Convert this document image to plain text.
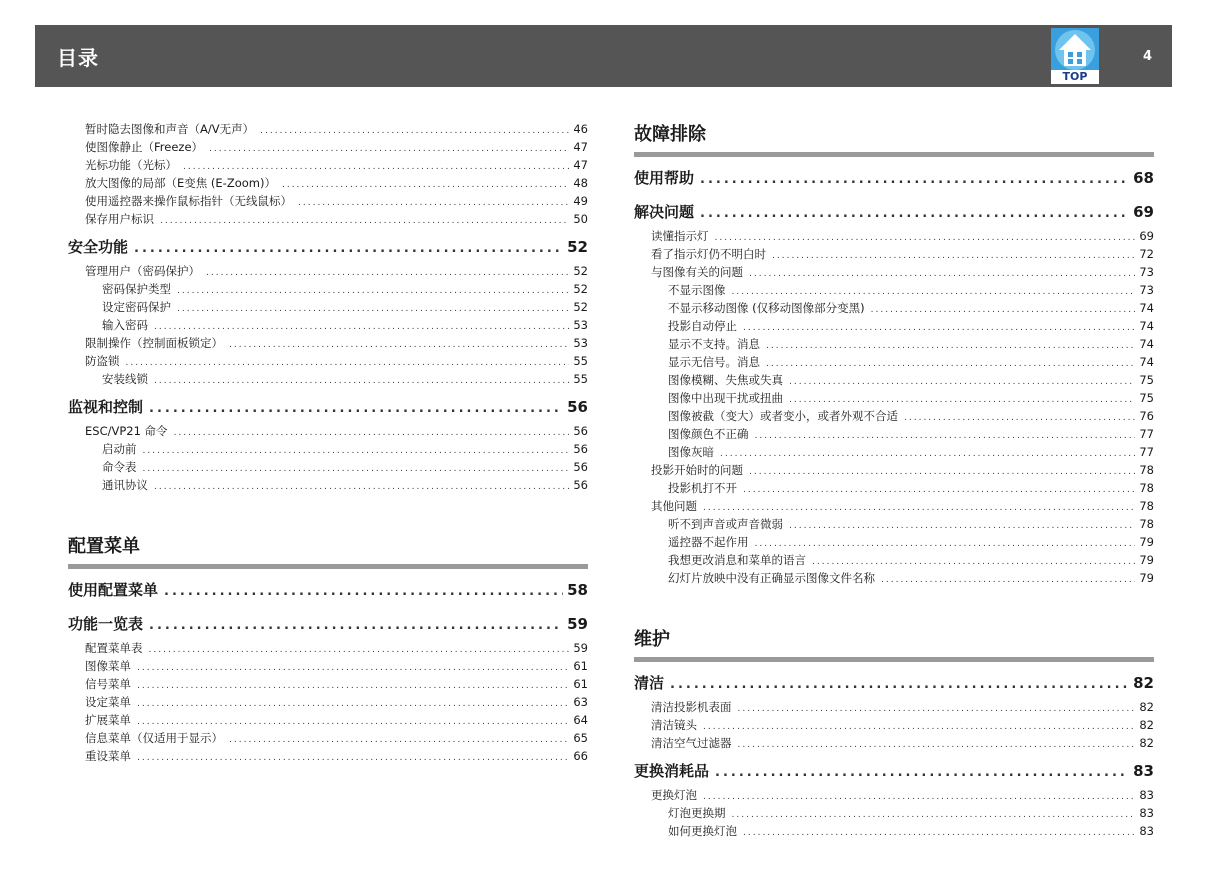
目录
TOP
4
暂时隐去图像和声音（A/V无声） .....	46
使图像静止（Freeze） .....	47
光标功能（光标） .....	47
放大图像的局部（E变焦 (E-Zoom)） .....	48
使用遥控器来操作鼠标指针（无线鼠标） .....	49
保存用户标识 .....	50
安全功能 .....	52
管理用户（密码保护） .....	52
密码保护类型 .....	52
设定密码保护 .....	52
输入密码 .....	53
限制操作（控制面板锁定） .....	53
防盗锁 .....	55
安装线锁 .....	55
监视和控制 .....	56
ESC/VP21 命令 .....	56
启动前 .....	56
命令表 .....	56
通讯协议 .....	56
配置菜单
使用配置菜单 .....	58
功能一览表 .....	59
配置菜单表 .....	59
图像菜单 .....	61
信号菜单 .....	61
设定菜单 .....	63
扩展菜单 .....	64
信息菜单（仅适用于显示） .....	65
重设菜单 .....	66
故障排除
使用帮助 .....	68
解决问题 .....	69
读懂指示灯 .....	69
看了指示灯仍不明白时 .....	72
与图像有关的问题 .....	73
不显示图像 .....	73
不显示移动图像 (仅移动图像部分变黑) .....	74
投影自动停止 .....	74
显示不支持。消息 .....	74
显示无信号。消息 .....	74
图像模糊、失焦或失真 .....	75
图像中出现干扰或扭曲 .....	75
图像被截（变大）或者变小，或者外观不合适 .....	76
图像颜色不正确 .....	77
图像灰暗 .....	77
投影开始时的问题 .....	78
投影机打不开 .....	78
其他问题 .....	78
听不到声音或声音微弱 .....	78
遥控器不起作用 .....	79
我想更改消息和菜单的语言 .....	79
幻灯片放映中没有正确显示图像文件名称 .....	79
维护
清洁 .....	82
清洁投影机表面 .....	82
清洁镜头 .....	82
清洁空气过滤器 .....	82
更换消耗品 .....	83
更换灯泡 .....	83
灯泡更换期 .....	83
如何更换灯泡 .....	83
